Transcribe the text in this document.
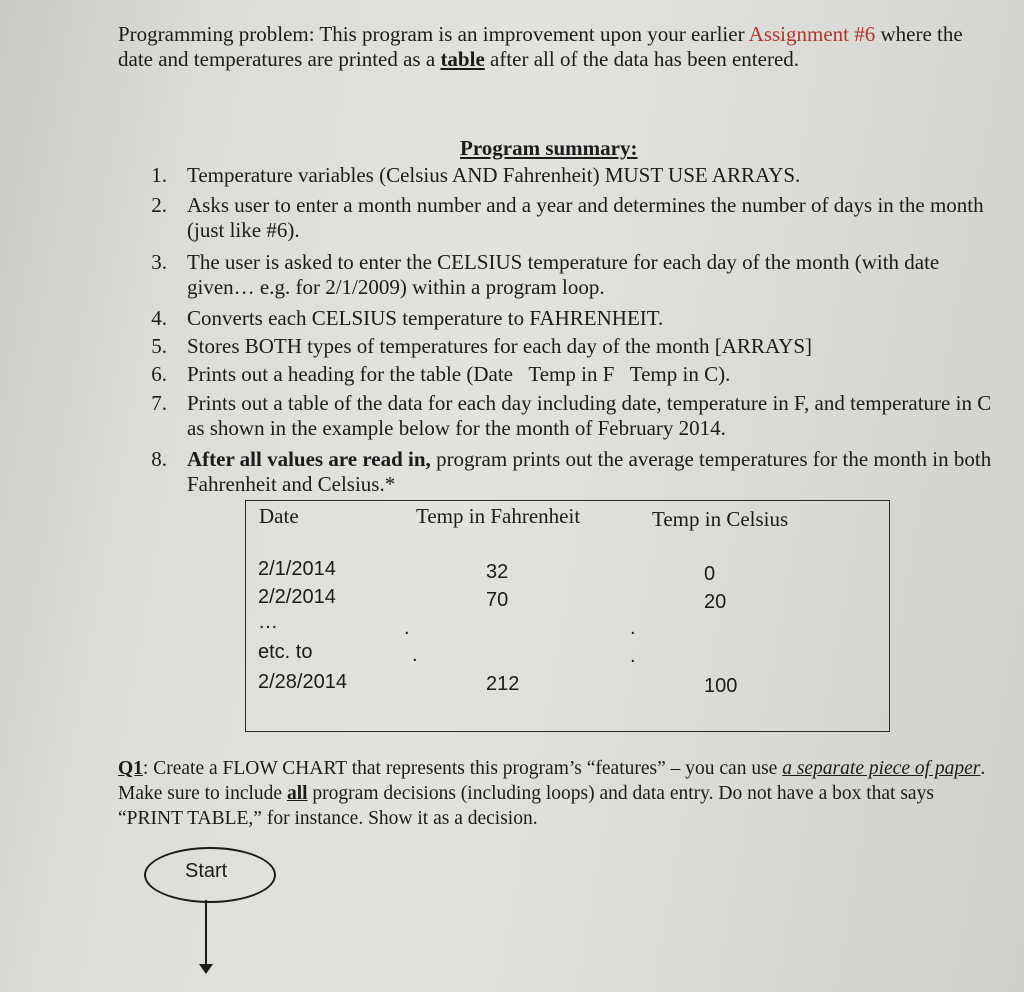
Programming problem: This program is an improvement upon your earlier Assignment #6 where the date and temperatures are printed as a table after all of the data has been entered.
Program summary:
1. Temperature variables (Celsius AND Fahrenheit) MUST USE ARRAYS.
2. Asks user to enter a month number and a year and determines the number of days in the month (just like #6).
3. The user is asked to enter the CELSIUS temperature for each day of the month (with date given… e.g. for 2/1/2009) within a program loop.
4. Converts each CELSIUS temperature to FAHRENHEIT.
5. Stores BOTH types of temperatures for each day of the month [ARRAYS]
6. Prints out a heading for the table (Date   Temp in F   Temp in C).
7. Prints out a table of the data for each day including date, temperature in F, and temperature in C as shown in the example below for the month of February 2014.
8. After all values are read in, program prints out the average temperatures for the month in both Fahrenheit and Celsius.*
Date	Temp in Fahrenheit	Temp in Celsius
2/1/2014	32	0
2/2/2014	70	20
…	.	.
etc. to	.	.
2/28/2014	212	100
Q1: Create a FLOW CHART that represents this program’s “features” – you can use a separate piece of paper. Make sure to include all program decisions (including loops) and data entry. Do not have a box that says “PRINT TABLE,” for instance. Show it as a decision.
Start
